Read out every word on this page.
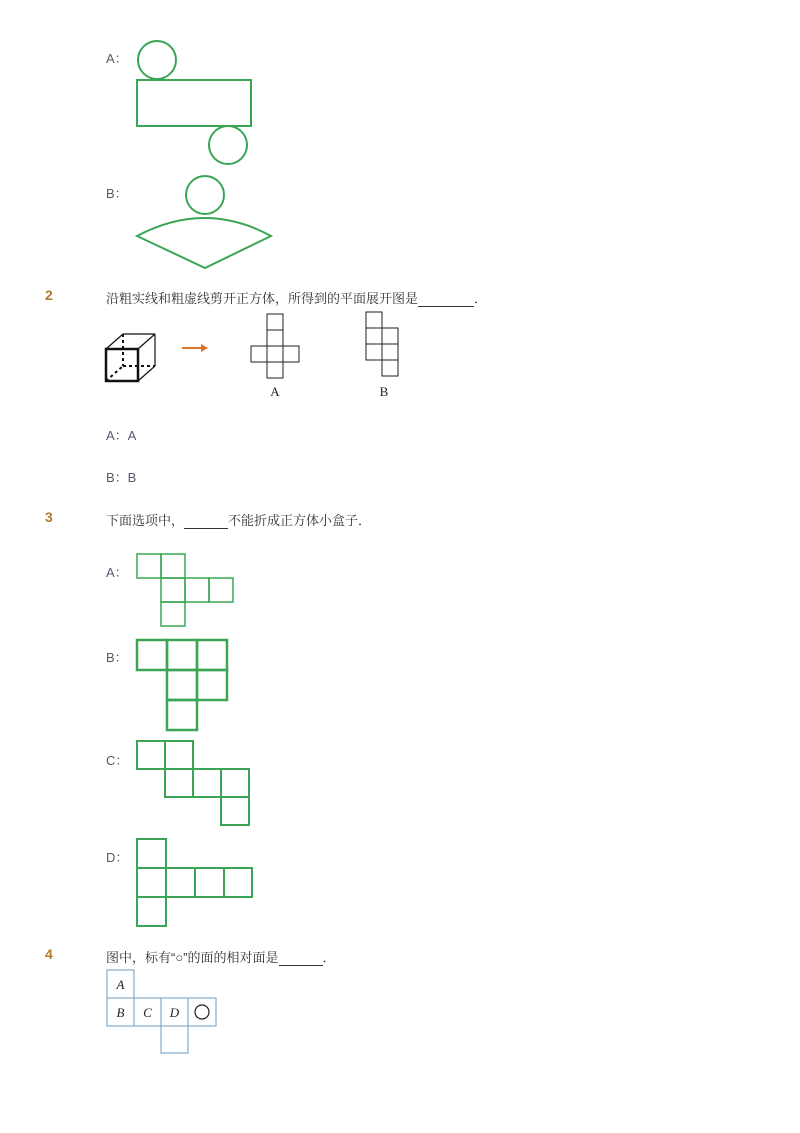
A：
B：
2	沿粗实线和粗虚线剪开正方体，所得到的平面展开图是	．
A	B
A：A
B：B
3	下面选项中，	不能折成正方体小盒子．
A：
B：
C：
D：
4	图中，标有“○”的面的相对面是	．
A
B C D
